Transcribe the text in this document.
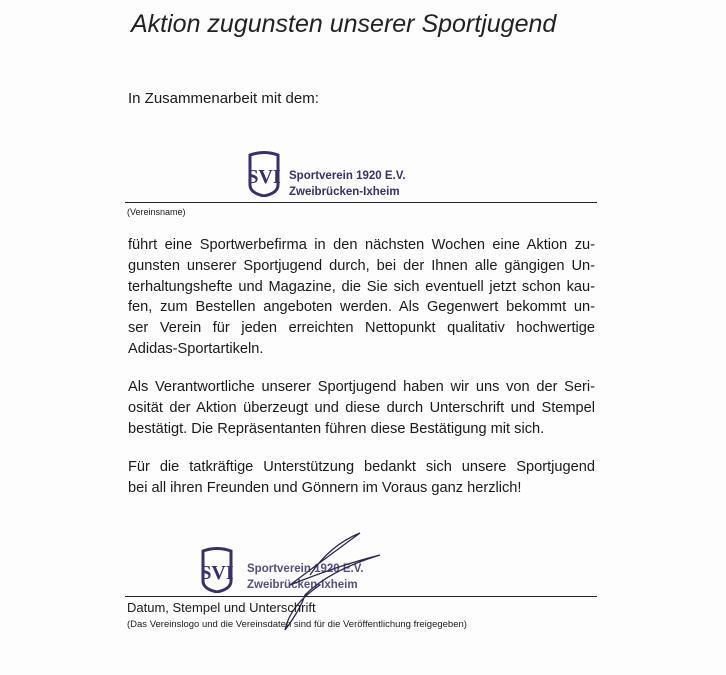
Aktion zugunsten unserer Sportjugend
In Zusammenarbeit mit dem:
SVI Sportverein 1920 E.V.
Zweibrücken-Ixheim
(Vereinsname)
führt eine Sportwerbefirma in den nächsten Wochen eine Aktion zu-
gunsten unserer Sportjugend durch, bei der Ihnen alle gängigen Un-
terhaltungshefte und Magazine, die Sie sich eventuell jetzt schon kau-
fen, zum Bestellen angeboten werden. Als Gegenwert bekommt un-
ser Verein für jeden erreichten Nettopunkt qualitativ hochwertige
Adidas-Sportartikeln.
Als Verantwortliche unserer Sportjugend haben wir uns von der Seri-
osität der Aktion überzeugt und diese durch Unterschrift und Stempel
bestätigt. Die Repräsentanten führen diese Bestätigung mit sich.
Für die tatkräftige Unterstützung bedankt sich unsere Sportjugend
bei all ihren Freunden und Gönnern im Voraus ganz herzlich!
SVI Sportverein 1920 E.V.
Zweibrücken-Ixheim
Datum, Stempel und Unterschrift
(Das Vereinslogo und die Vereinsdaten sind für die Veröffentlichung freigegeben)
